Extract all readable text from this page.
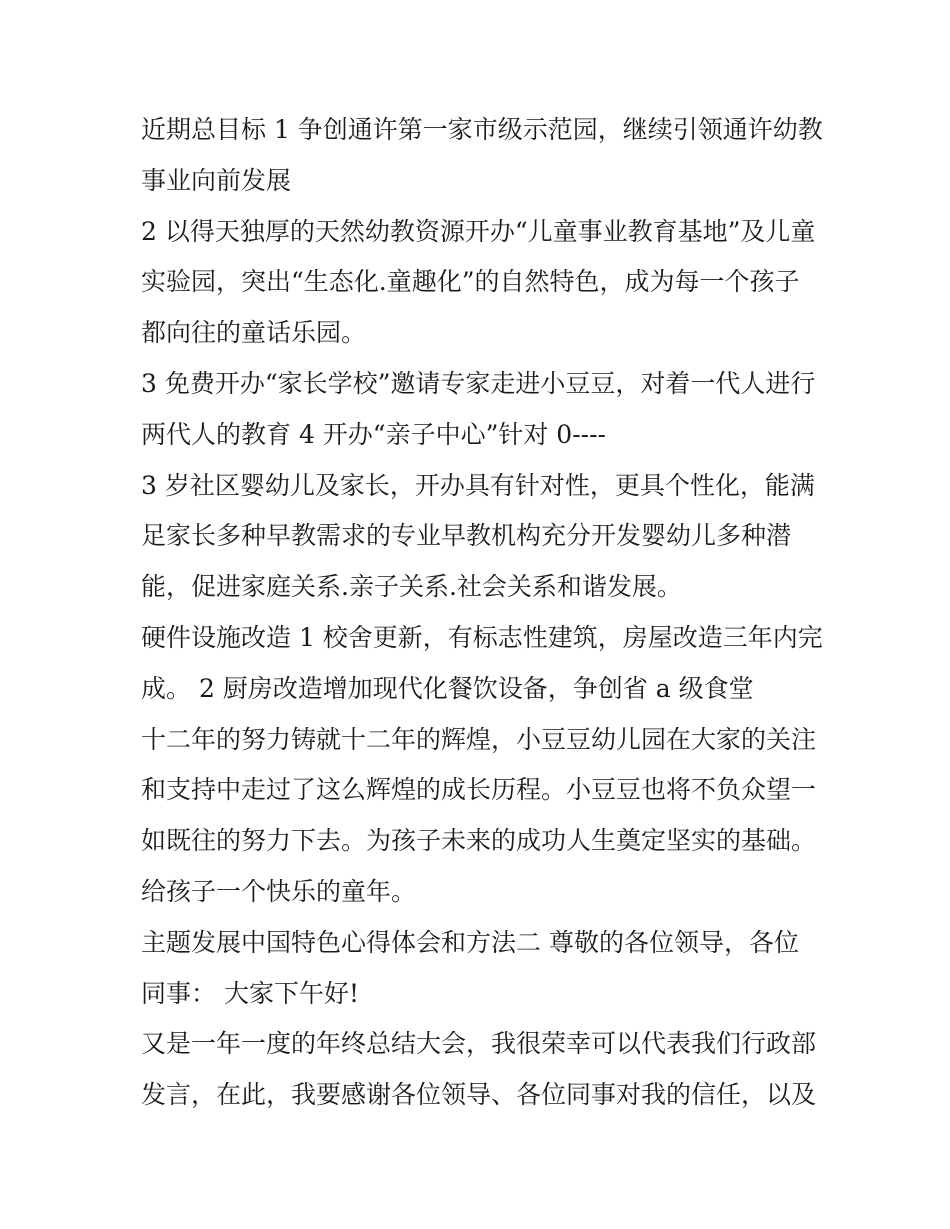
近期总目标 1 争创通许第一家市级示范园，继续引领通许幼教
事业向前发展
2 以得天独厚的天然幼教资源开办“儿童事业教育基地”及儿童
实验园，突出“生态化.童趣化”的自然特色，成为每一个孩子
都向往的童话乐园。
3 免费开办“家长学校”邀请专家走进小豆豆，对着一代人进行
两代人的教育 4 开办“亲子中心”针对 0----
3 岁社区婴幼儿及家长，开办具有针对性，更具个性化，能满
足家长多种早教需求的专业早教机构充分开发婴幼儿多种潜
能，促进家庭关系.亲子关系.社会关系和谐发展。
硬件设施改造 1 校舍更新，有标志性建筑，房屋改造三年内完
成。 2 厨房改造增加现代化餐饮设备，争创省 a 级食堂
十二年的努力铸就十二年的辉煌，小豆豆幼儿园在大家的关注
和支持中走过了这么辉煌的成长历程。小豆豆也将不负众望一
如既往的努力下去。为孩子未来的成功人生奠定坚实的基础。
给孩子一个快乐的童年。
主题发展中国特色心得体会和方法二 尊敬的各位领导，各位
同事： 大家下午好!
又是一年一度的年终总结大会，我很荣幸可以代表我们行政部
发言，在此，我要感谢各位领导、各位同事对我的信任，以及
